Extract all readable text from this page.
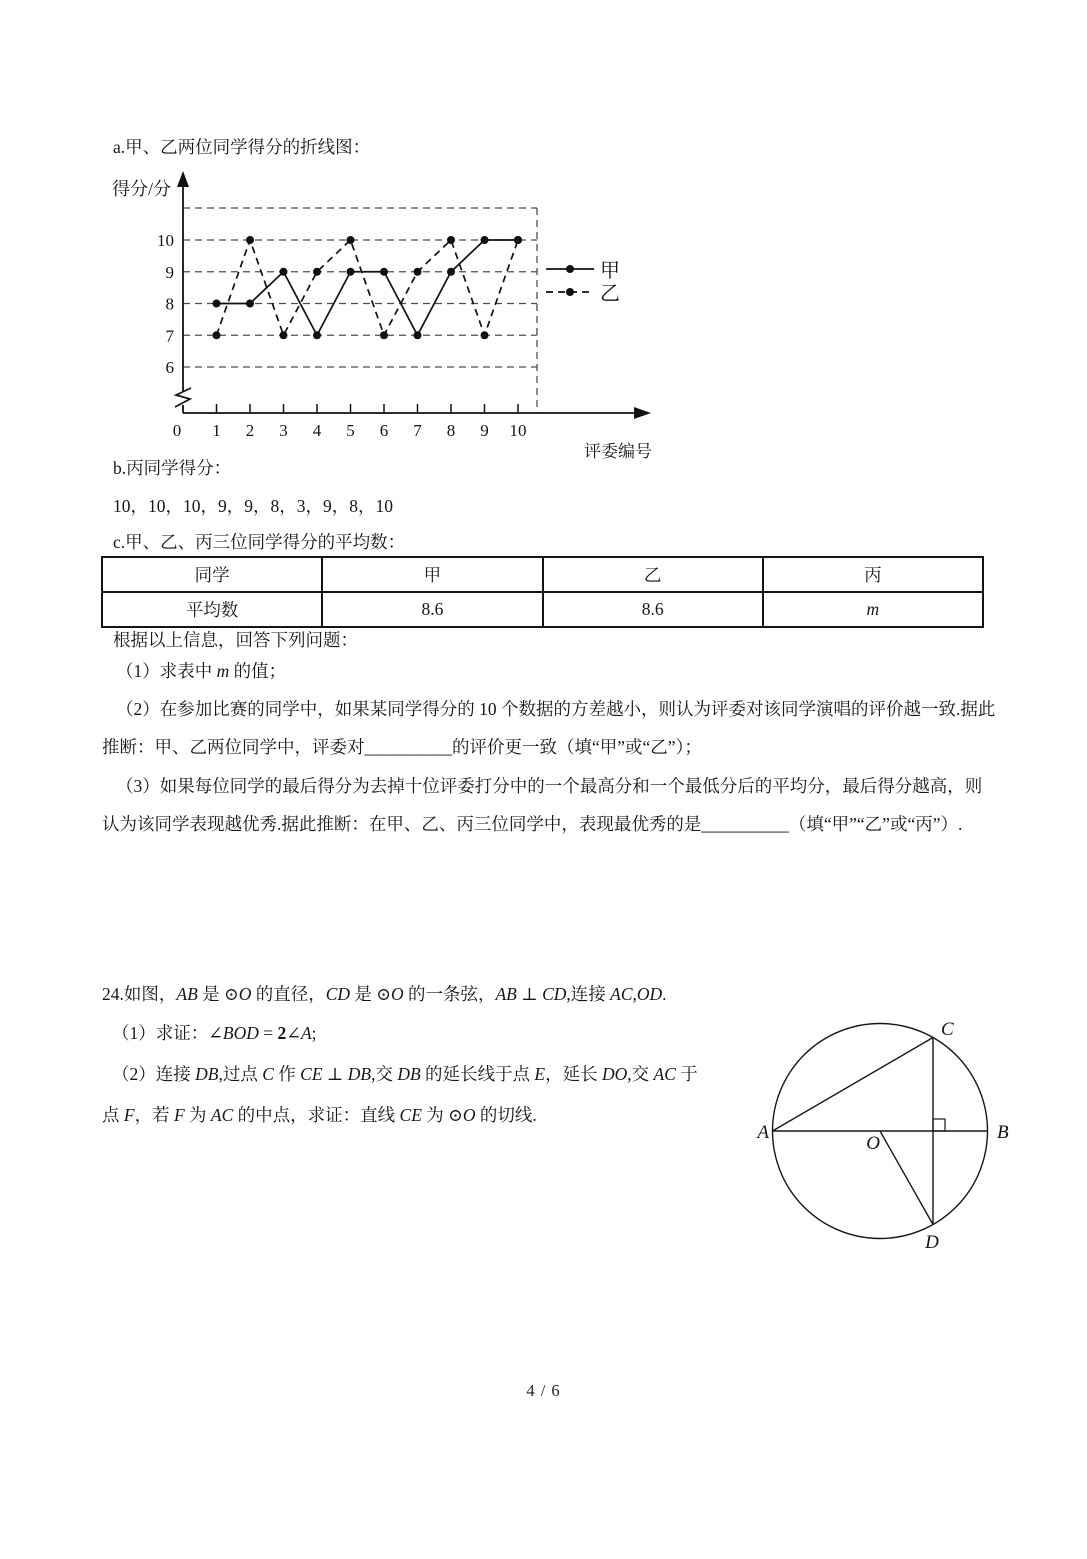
a.甲、乙两位同学得分的折线图：
6
7
8
9
10
0 1 2 3 4 5 6 7 8 9 10
得分/分
评委编号
甲
乙
b.丙同学得分：
10，10，10，9，9，8，3，9，8，10
c.甲、乙、丙三位同学得分的平均数：
同学	甲	乙	丙
平均数	8.6	8.6	m
根据以上信息，回答下列问题：
（1）求表中 m 的值；
（2）在参加比赛的同学中，如果某同学得分的 10 个数据的方差越小，则认为评委对该同学演唱的评价越一致.据此
推断：甲、乙两位同学中，评委对__________的评价更一致（填“甲”或“乙”）；
（3）如果每位同学的最后得分为去掉十位评委打分中的一个最高分和一个最低分后的平均分，最后得分越高，则
认为该同学表现越优秀.据此推断：在甲、乙、丙三位同学中，表现最优秀的是__________（填“甲”“乙”或“丙”）.
24.如图，AB 是 ⊙O 的直径，CD 是 ⊙O 的一条弦，AB ⊥ CD,连接 AC,OD.
（1）求证：∠BOD = 2∠A;
（2）连接 DB,过点 C 作 CE ⊥ DB,交 DB 的延长线于点 E，延长 DO,交 AC 于
点 F，若 F 为 AC 的中点，求证：直线 CE 为 ⊙O 的切线.
A	B
C
D
O
4 / 6
